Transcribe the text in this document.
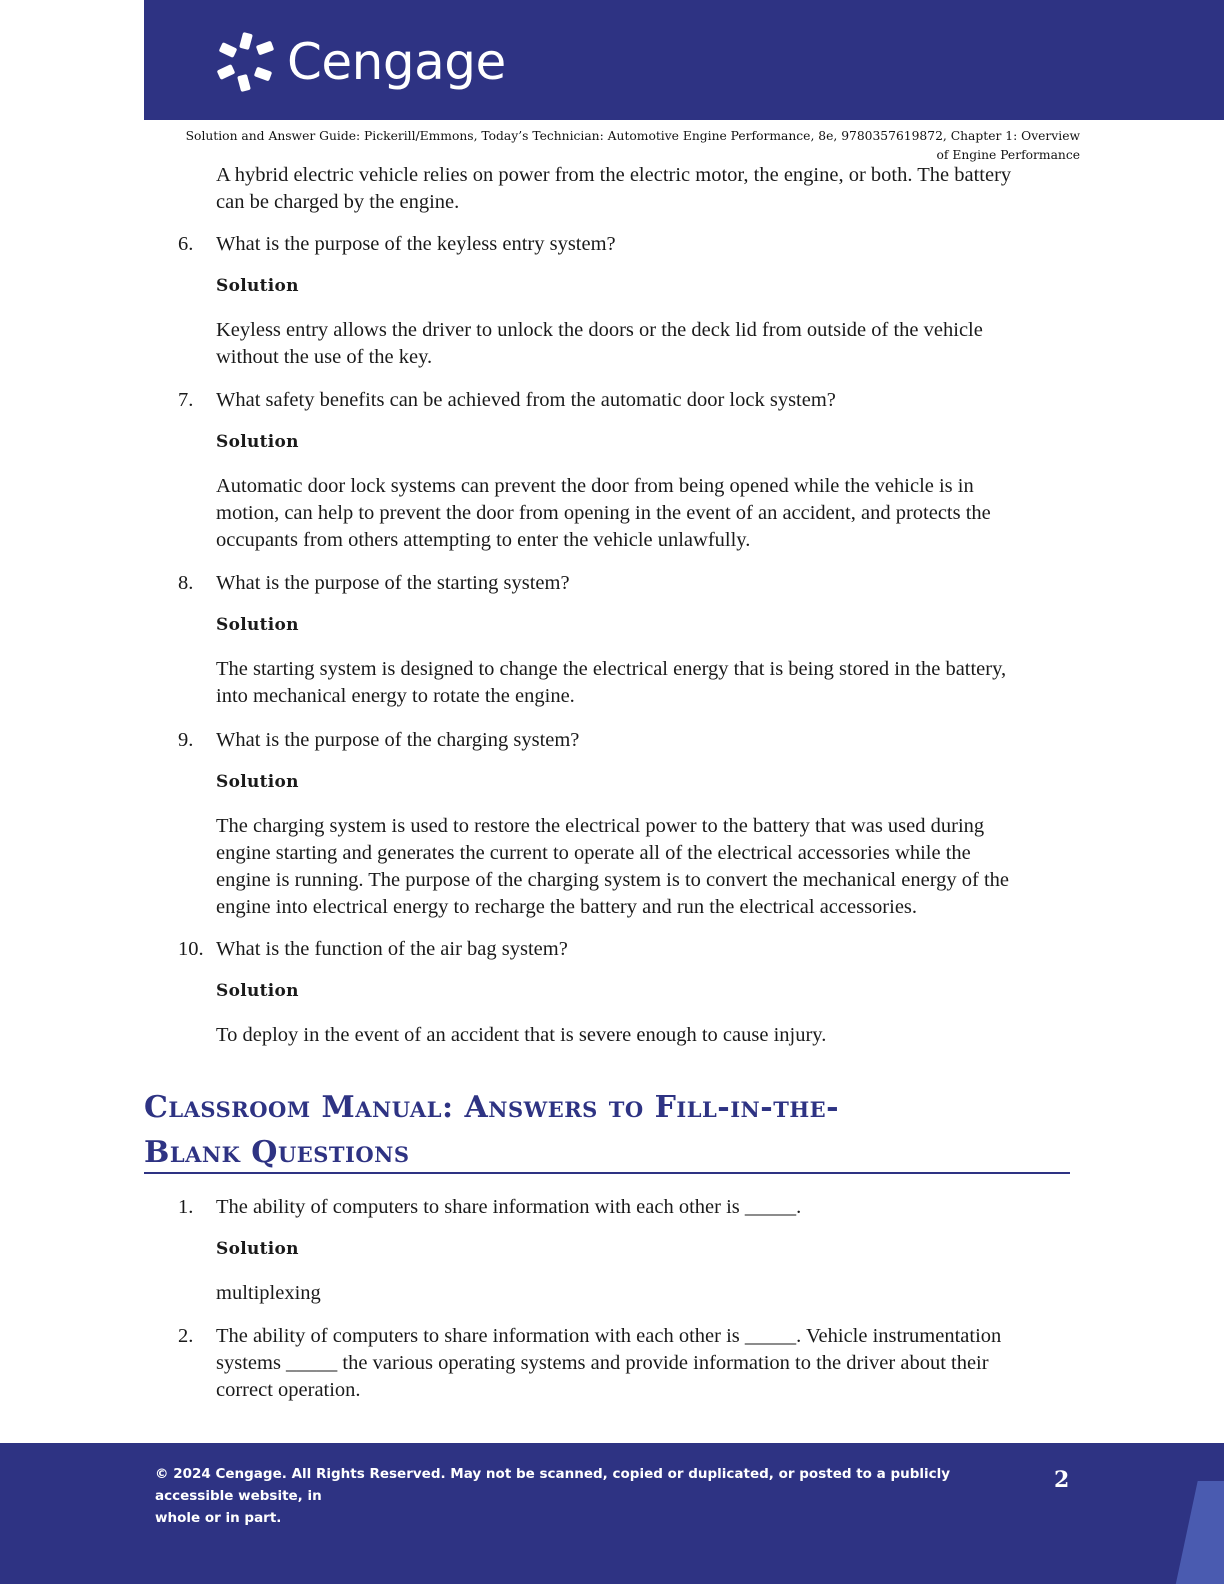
Cengage
Solution and Answer Guide: Pickerill/Emmons, Today’s Technician: Automotive Engine Performance, 8e, 9780357619872, Chapter 1: Overview
of Engine Performance
A hybrid electric vehicle relies on power from the electric motor, the engine, or both. The battery
can be charged by the engine.
6.	What is the purpose of the keyless entry system?
Solution
Keyless entry allows the driver to unlock the doors or the deck lid from outside of the vehicle
without the use of the key.
7.	What safety benefits can be achieved from the automatic door lock system?
Solution
Automatic door lock systems can prevent the door from being opened while the vehicle is in
motion, can help to prevent the door from opening in the event of an accident, and protects the
occupants from others attempting to enter the vehicle unlawfully.
8.	What is the purpose of the starting system?
Solution
The starting system is designed to change the electrical energy that is being stored in the battery,
into mechanical energy to rotate the engine.
9.	What is the purpose of the charging system?
Solution
The charging system is used to restore the electrical power to the battery that was used during
engine starting and generates the current to operate all of the electrical accessories while the
engine is running. The purpose of the charging system is to convert the mechanical energy of the
engine into electrical energy to recharge the battery and run the electrical accessories.
10. What is the function of the air bag system?
Solution
To deploy in the event of an accident that is severe enough to cause injury.
Classroom Manual: Answers to Fill-in-the-
Blank Questions
1.	The ability of computers to share information with each other is _____.
Solution
multiplexing
2.	The ability of computers to share information with each other is _____. Vehicle instrumentation
systems _____ the various operating systems and provide information to the driver about their
correct operation.
© 2024 Cengage. All Rights Reserved. May not be scanned, copied or duplicated, or posted to a publicly accessible website, in
whole or in part.
2
